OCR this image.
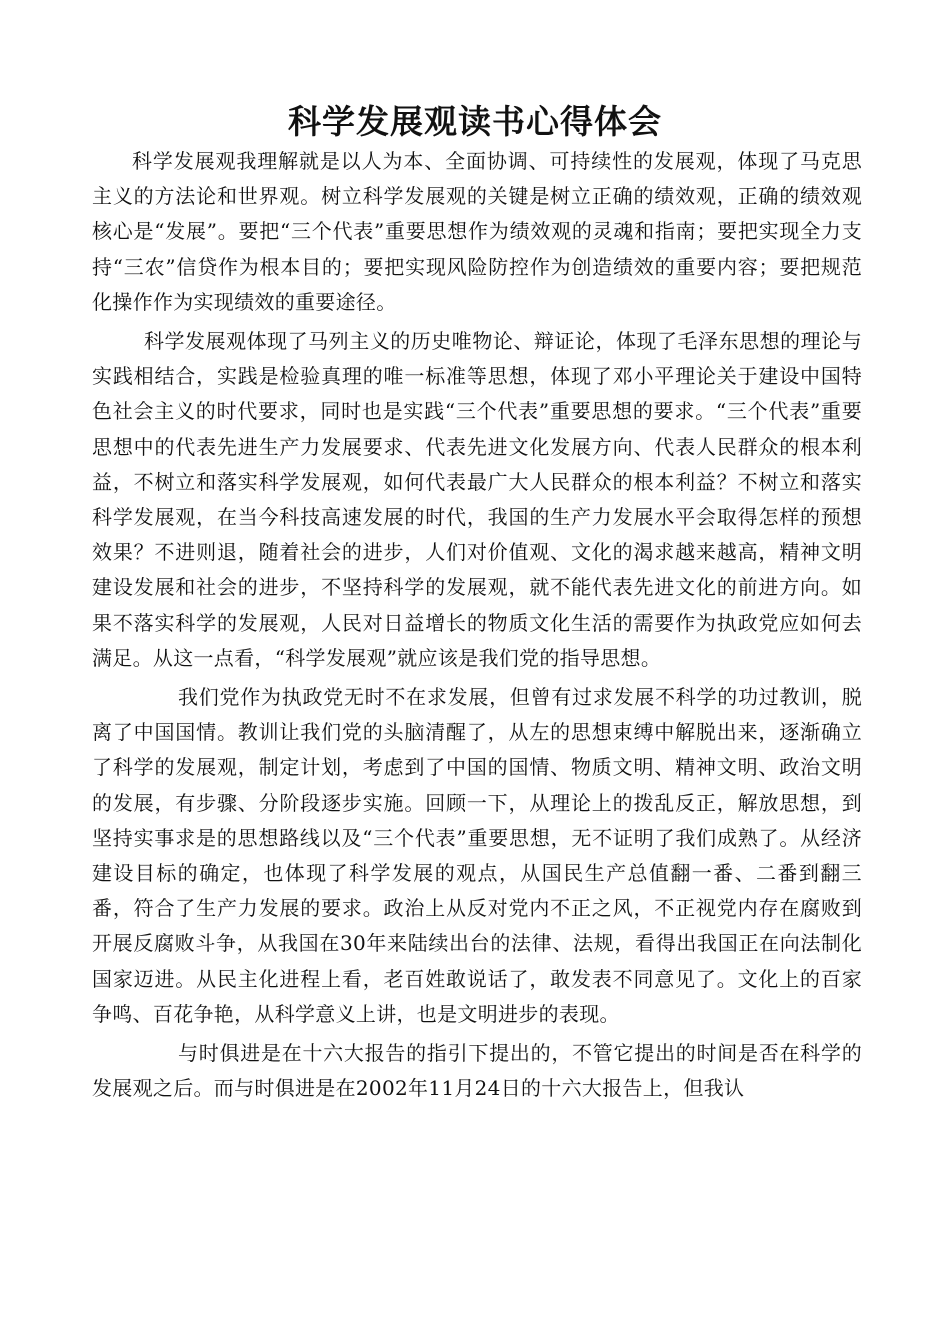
科学发展观读书心得体会

科学发展观我理解就是以人为本、全面协调、可持续性的发展观，体现了马克思主义的方法论和世界观。树立科学发展观的关键是树立正确的绩效观，正确的绩效观核心是“发展”。要把“三个代表”重要思想作为绩效观的灵魂和指南；要把实现全力支持“三农”信贷作为根本目的；要把实现风险防控作为创造绩效的重要内容；要把规范化操作作为实现绩效的重要途径。

科学发展观体现了马列主义的历史唯物论、辩证论，体现了毛泽东思想的理论与实践相结合，实践是检验真理的唯一标准等思想，体现了邓小平理论关于建设中国特色社会主义的时代要求，同时也是实践“三个代表”重要思想的要求。“三个代表”重要思想中的代表先进生产力发展要求、代表先进文化发展方向、代表人民群众的根本利益，不树立和落实科学发展观，如何代表最广大人民群众的根本利益？不树立和落实科学发展观，在当今科技高速发展的时代，我国的生产力发展水平会取得怎样的预想效果？不进则退，随着社会的进步，人们对价值观、文化的渴求越来越高，精神文明建设发展和社会的进步，不坚持科学的发展观，就不能代表先进文化的前进方向。如果不落实科学的发展观，人民对日益增长的物质文化生活的需要作为执政党应如何去满足。从这一点看，“科学发展观”就应该是我们党的指导思想。

我们党作为执政党无时不在求发展，但曾有过求发展不科学的功过教训，脱离了中国国情。教训让我们党的头脑清醒了，从左的思想束缚中解脱出来，逐渐确立了科学的发展观，制定计划，考虑到了中国的国情、物质文明、精神文明、政治文明的发展，有步骤、分阶段逐步实施。回顾一下，从理论上的拨乱反正，解放思想，到坚持实事求是的思想路线以及“三个代表”重要思想，无不证明了我们成熟了。从经济建设目标的确定，也体现了科学发展的观点，从国民生产总值翻一番、二番到翻三番，符合了生产力发展的要求。政治上从反对党内不正之风，不正视党内存在腐败到开展反腐败斗争，从我国在30年来陆续出台的法律、法规，看得出我国正在向法制化国家迈进。从民主化进程上看，老百姓敢说话了，敢发表不同意见了。文化上的百家争鸣、百花争艳，从科学意义上讲，也是文明进步的表现。

与时俱进是在十六大报告的指引下提出的，不管它提出的时间是否在科学的发展观之后。而与时俱进是在2002年11月24日的十六大报告上，但我认
